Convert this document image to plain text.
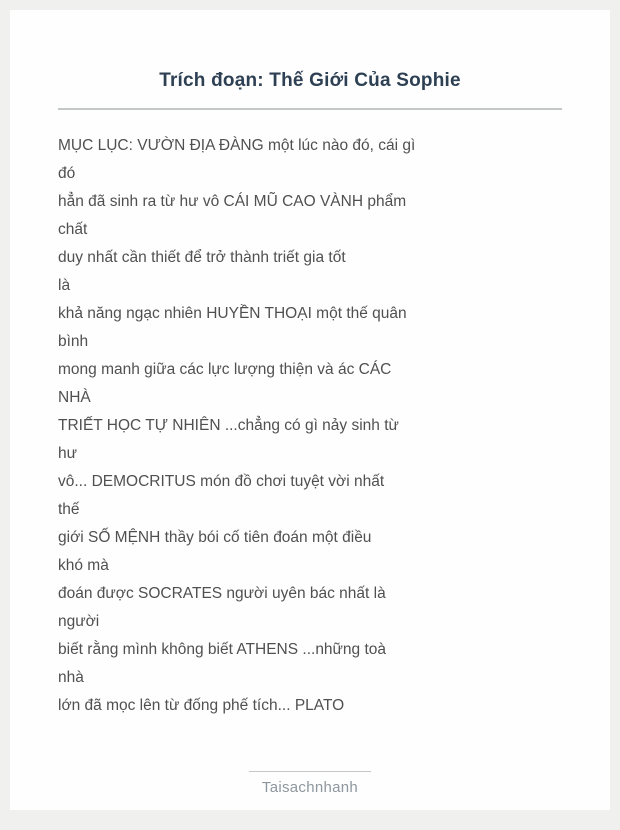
Trích đoạn: Thế Giới Của Sophie

MỤC LỤC: VƯỜN ĐỊA ĐÀNG một lúc nào đó, cái gì

đó

hẳn đã sinh ra từ hư vô CÁI MŨ CAO VÀNH phẩm

chất

duy nhất cần thiết để trở thành triết gia tốt

là

khả năng ngạc nhiên HUYỀN THOẠI một thế quân

bình

mong manh giữa các lực lượng thiện và ác CÁC

NHÀ

TRIẾT HỌC TỰ NHIÊN ...chẳng có gì nảy sinh từ

hư

vô... DEMOCRITUS món đồ chơi tuyệt vời nhất

thế

giới SỐ MỆNH thầy bói cố tiên đoán một điều

khó mà

đoán được SOCRATES người uyên bác nhất là

người

biết rằng mình không biết ATHENS ...những toà

nhà

lớn đã mọc lên từ đống phế tích... PLATO

Taisachnhanh
